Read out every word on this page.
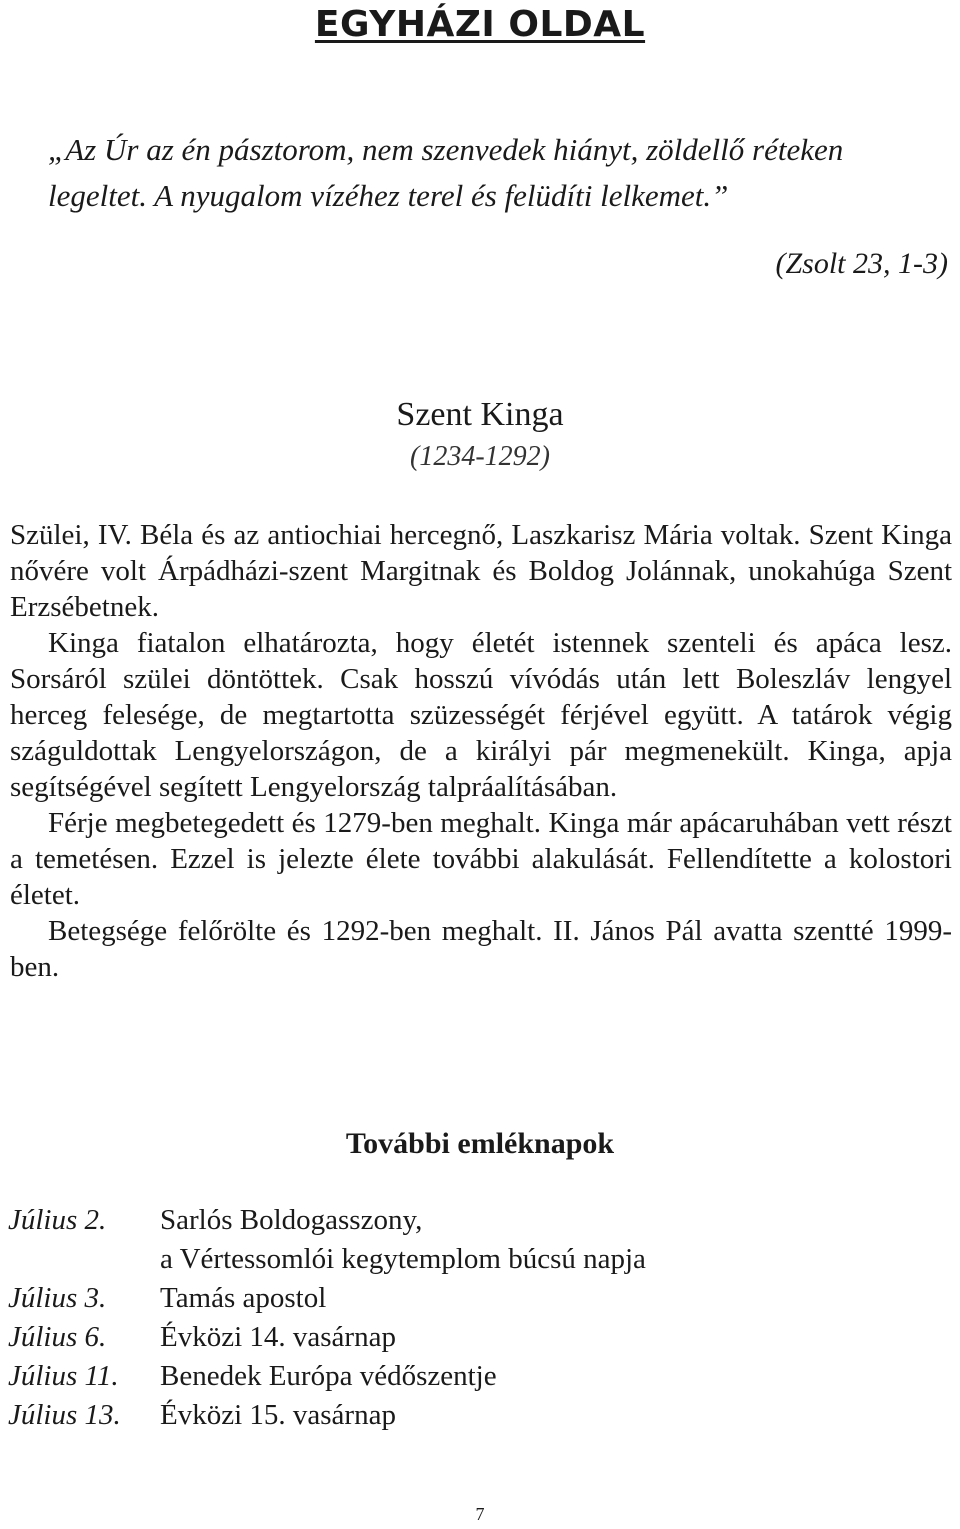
EGYHÁZI OLDAL

„Az Úr az én pásztorom, nem szenvedek hiányt, zöldellő réteken legeltet. A nyugalom vízéhez terel és felüdíti lelkemet.”

(Zsolt 23, 1-3)
Szent Kinga
(1234-1292)

Szülei, IV. Béla és az antiochiai hercegnő, Laszkarisz Mária voltak. Szent Kinga nővére volt Árpádházi-szent Margitnak és Boldog Jolánnak, unokahúga Szent Erzsébetnek.

Kinga fiatalon elhatározta, hogy életét istennek szenteli és apáca lesz. Sorsáról szülei döntöttek. Csak hosszú vívódás után lett Boleszláv lengyel herceg felesége, de megtartotta szüzességét férjével együtt. A tatárok végig száguldottak Lengyelországon, de a királyi pár megmenekült. Kinga, apja segítségével segített Lengyelország talpráalításában.

Férje megbetegedett és 1279-ben meghalt. Kinga már apácaruhában vett részt a temetésen. Ezzel is jelezte élete további alakulását. Fellendítette a kolostori életet.

Betegsége felőrölte és 1292-ben meghalt. II. János Pál avatta szentté 1999-ben.

További emléknapok
Július 2.	Sarlós Boldogasszony,
a Vértessomlói kegytemplom búcsú napja
Július 3.	Tamás apostol
Július 6.	Évközi 14. vasárnap
Július 11.	Benedek Európa védőszentje
Július 13.	Évközi 15. vasárnap
7
